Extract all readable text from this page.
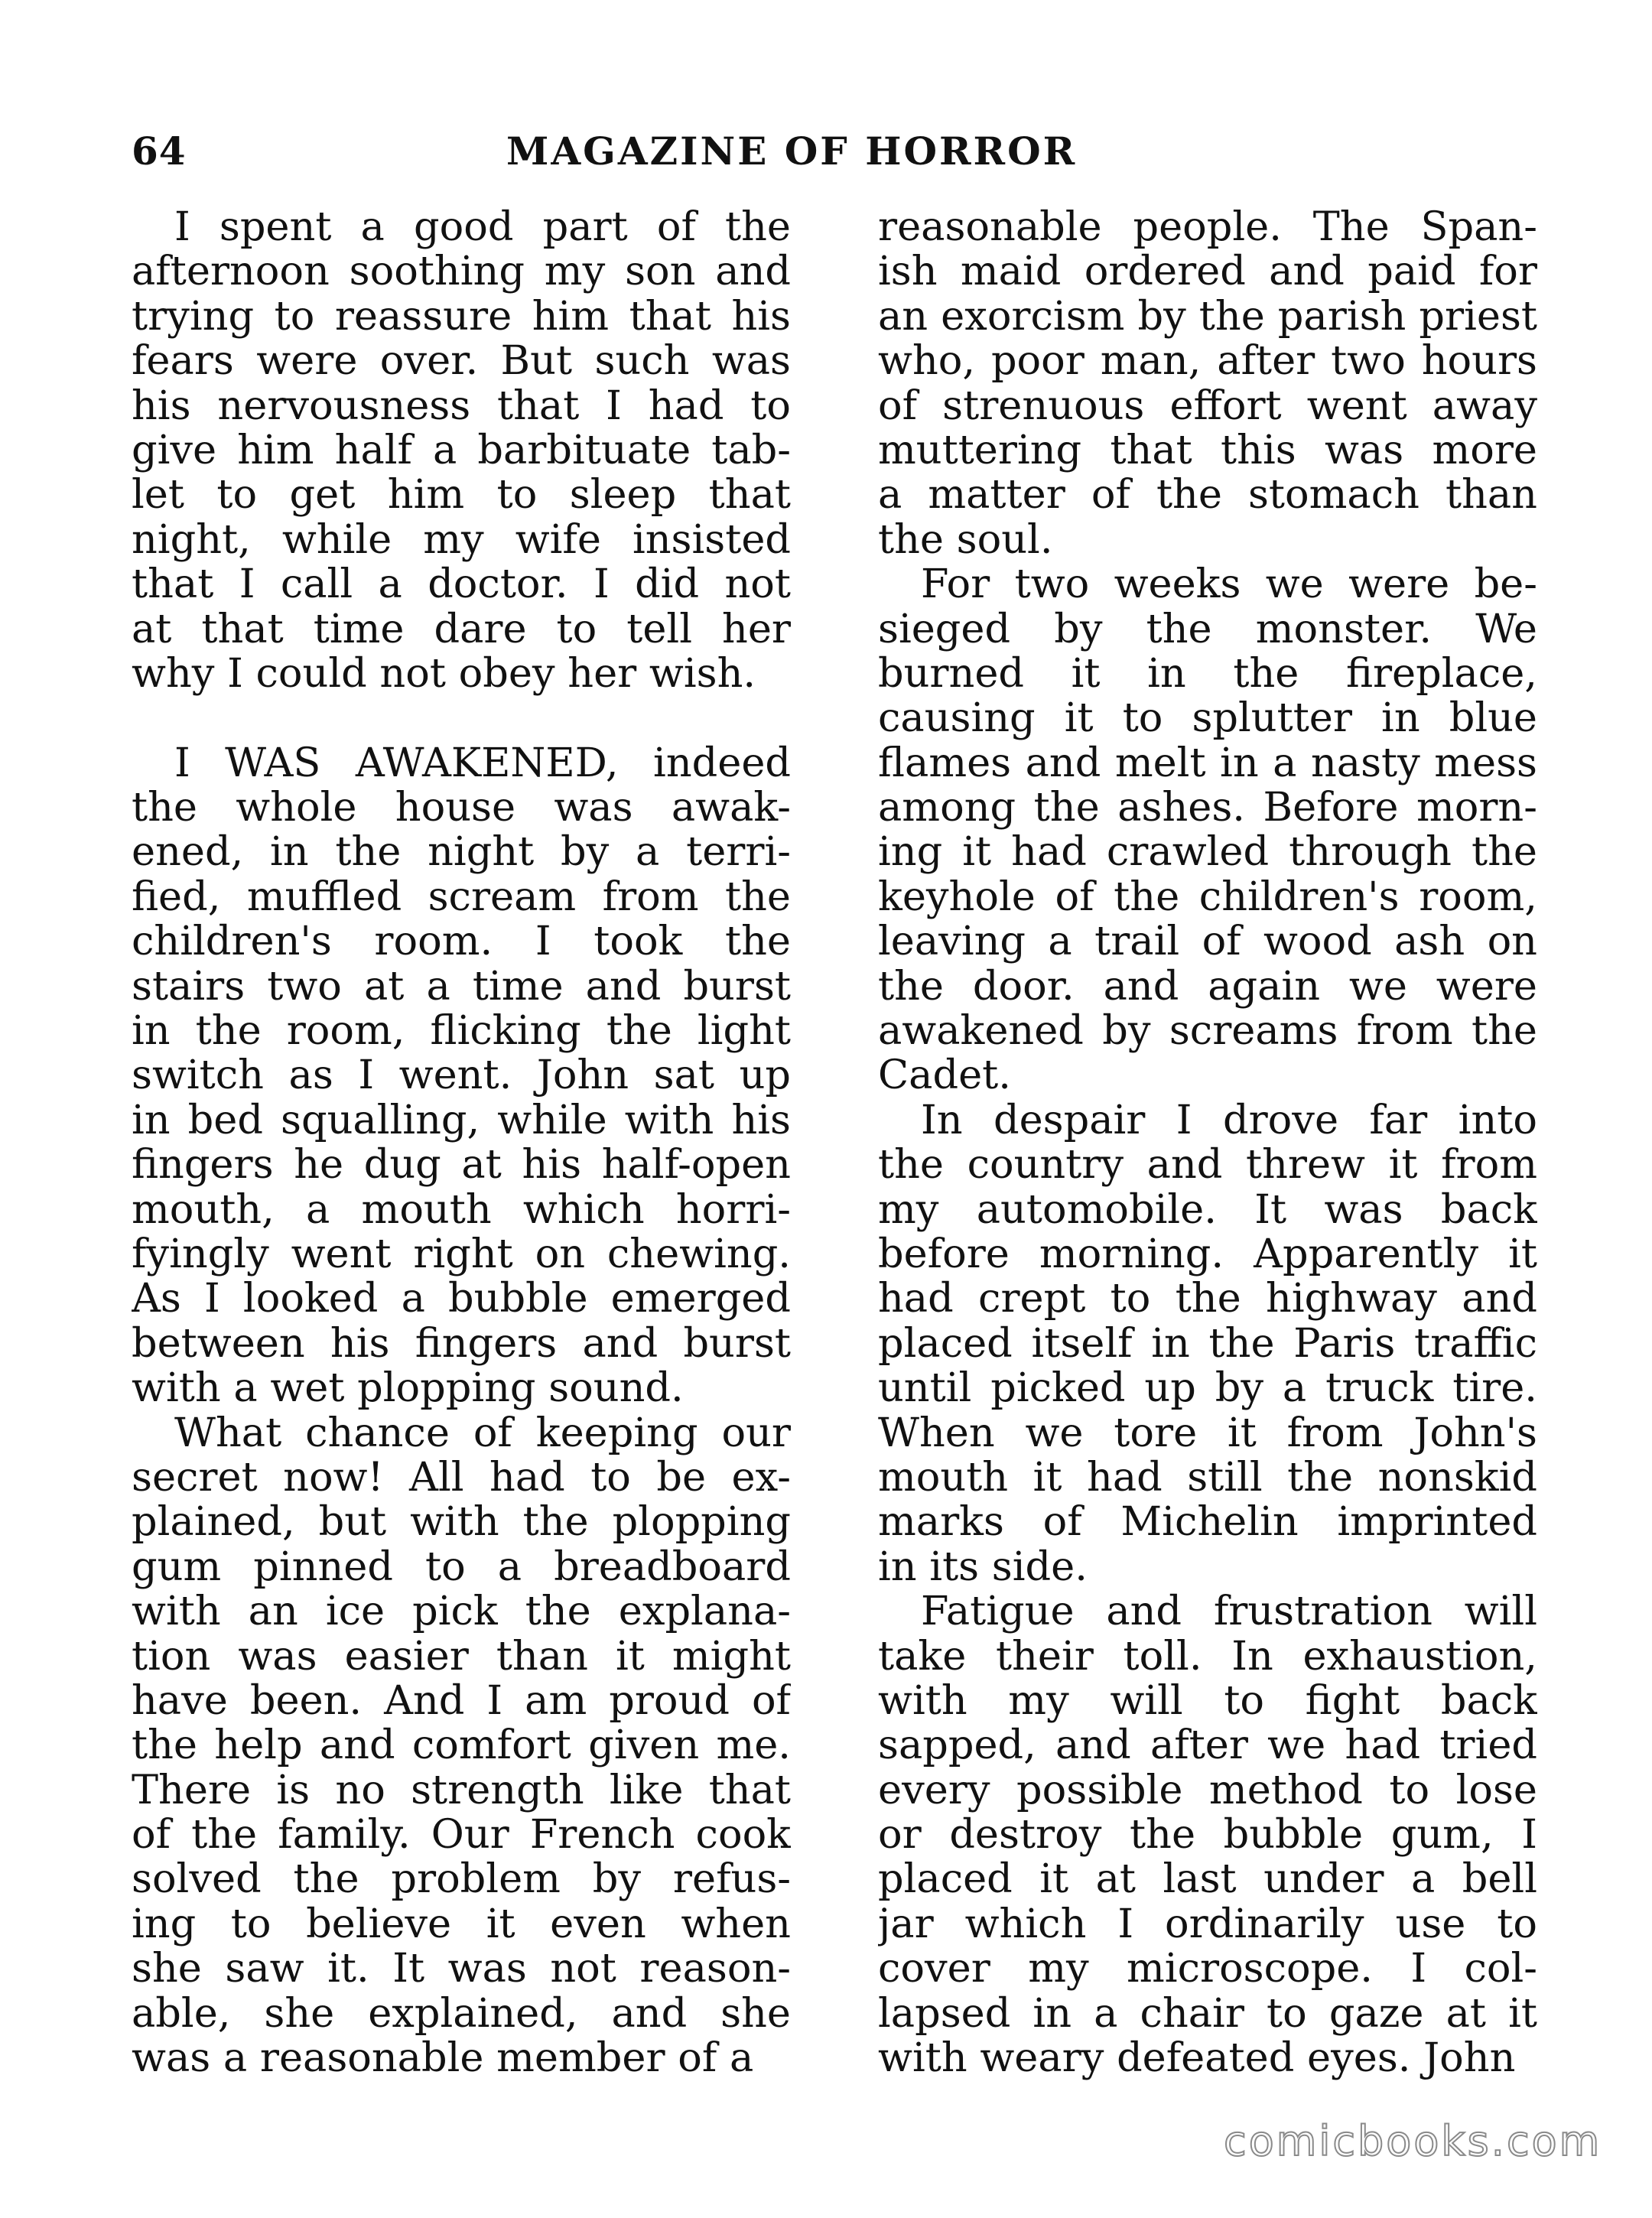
64	MAGAZINE OF HORROR
I spent a good part of the
afternoon soothing my son and
trying to reassure him that his
fears were over. But such was
his nervousness that I had to
give him half a barbituate tab-
let to get him to sleep that
night, while my wife insisted
that I call a doctor. I did not
at that time dare to tell her
why I could not obey her wish.
I WAS AWAKENED, indeed
the whole house was awak-
ened, in the night by a terri-
fied, muffled scream from the
children's room. I took the
stairs two at a time and burst
in the room, flicking the light
switch as I went. John sat up
in bed squalling, while with his
fingers he dug at his half-open
mouth, a mouth which horri-
fyingly went right on chewing.
As I looked a bubble emerged
between his fingers and burst
with a wet plopping sound.
What chance of keeping our
secret now! All had to be ex-
plained, but with the plopping
gum pinned to a breadboard
with an ice pick the explana-
tion was easier than it might
have been. And I am proud of
the help and comfort given me.
There is no strength like that
of the family. Our French cook
solved the problem by refus-
ing to believe it even when
she saw it. It was not reason-
able, she explained, and she
was a reasonable member of a
reasonable people. The Span-
ish maid ordered and paid for
an exorcism by the parish priest
who, poor man, after two hours
of strenuous effort went away
muttering that this was more
a matter of the stomach than
the soul.
For two weeks we were be-
sieged by the monster. We
burned it in the fireplace,
causing it to splutter in blue
flames and melt in a nasty mess
among the ashes. Before morn-
ing it had crawled through the
keyhole of the children's room,
leaving a trail of wood ash on
the door. and again we were
awakened by screams from the
Cadet.
In despair I drove far into
the country and threw it from
my automobile. It was back
before morning. Apparently it
had crept to the highway and
placed itself in the Paris traffic
until picked up by a truck tire.
When we tore it from John's
mouth it had still the nonskid
marks of Michelin imprinted
in its side.
Fatigue and frustration will
take their toll. In exhaustion,
with my will to fight back
sapped, and after we had tried
every possible method to lose
or destroy the bubble gum, I
placed it at last under a bell
jar which I ordinarily use to
cover my microscope. I col-
lapsed in a chair to gaze at it
with weary defeated eyes. John
comicbooks.com
